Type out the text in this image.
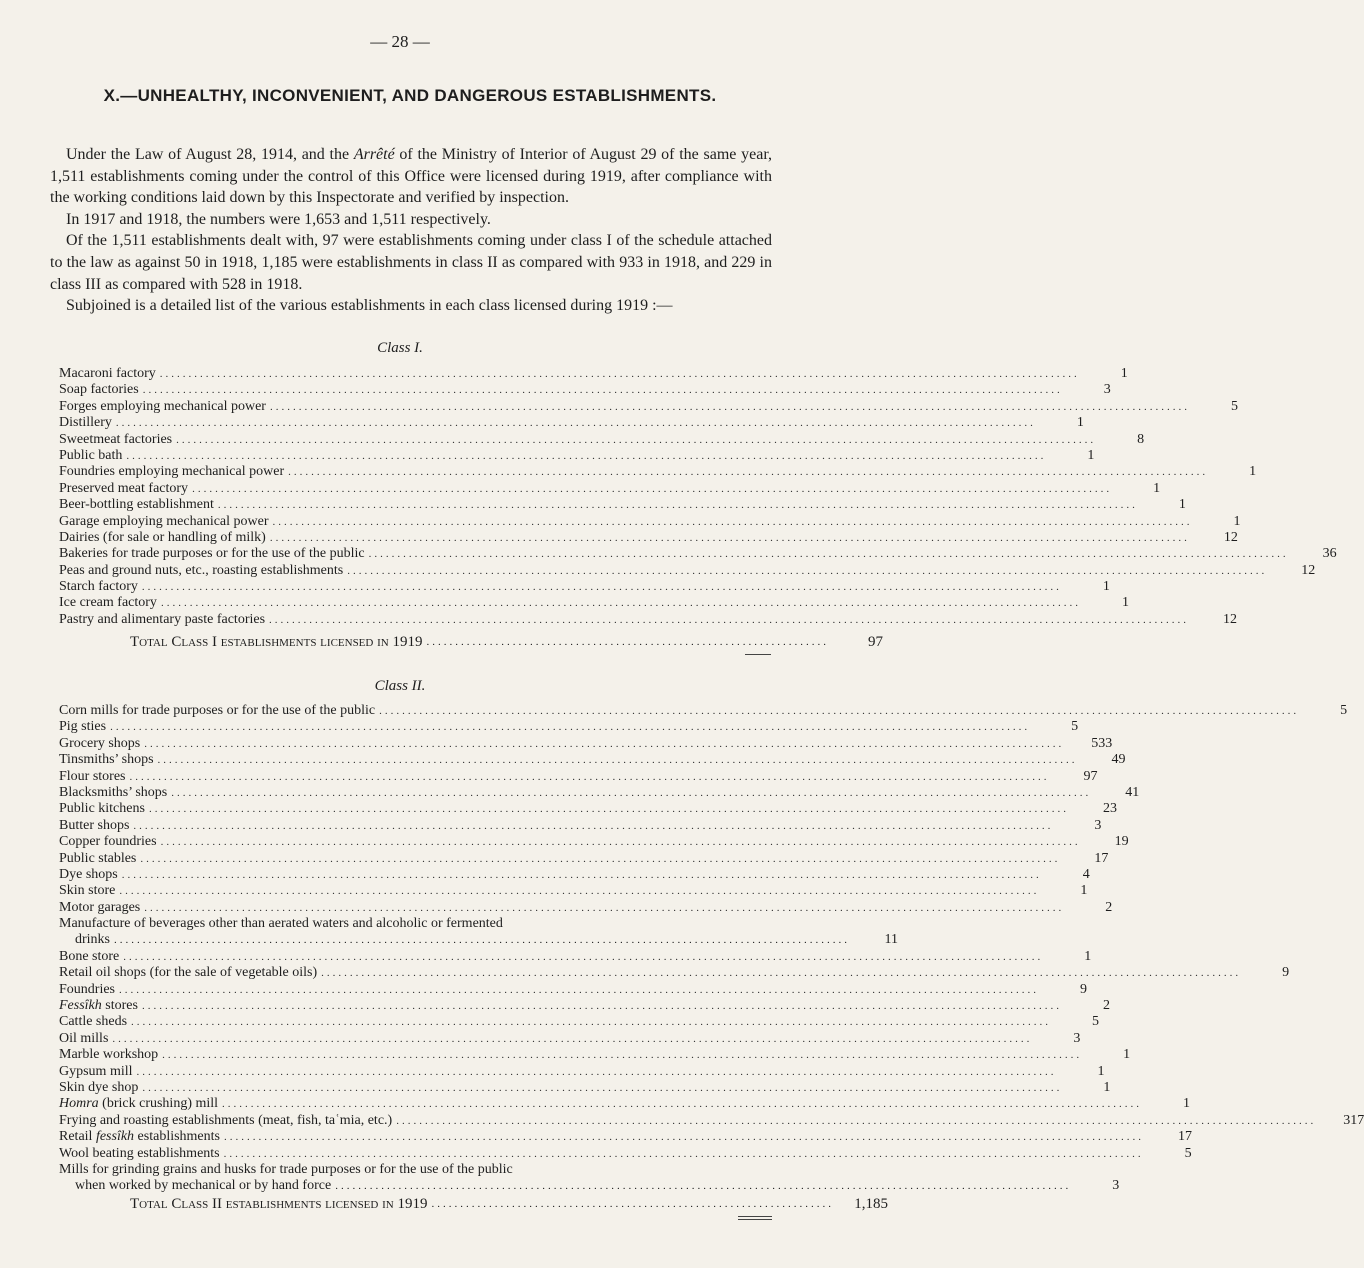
— 28 —
X.—UNHEALTHY, INCONVENIENT, AND DANGEROUS ESTABLISHMENTS.

Under the Law of August 28, 1914, and the Arrêté of the Ministry of Interior of August 29 of the same year, 1,511 establishments coming under the control of this Office were licensed during 1919, after compliance with the working conditions laid down by this Inspectorate and verified by inspection.

In 1917 and 1918, the numbers were 1,653 and 1,511 respectively.

Of the 1,511 establishments dealt with, 97 were establishments coming under class I of the schedule attached to the law as against 50 in 1918, 1,185 were establishments in class II as compared with 933 in 1918, and 229 in class III as compared with 528 in 1918.

Subjoined is a detailed list of the various establishments in each class licensed during 1919 :—

Class I.
Macaroni factory .....	1
Soap factories .....	3
Forges employing mechanical power .....	5
Distillery .....	1
Sweetmeat factories .....	8
Public bath .....	1
Foundries employing mechanical power .....	1
Preserved meat factory .....	1
Beer-bottling establishment .....	1
Garage employing mechanical power .....	1
Dairies (for sale or handling of milk) .....	12
Bakeries for trade purposes or for the use of the public .....	36
Peas and ground nuts, etc., roasting establishments .....	12
Starch factory .....	1
Ice cream factory .....	1
Pastry and alimentary paste factories .....	12
Total Class I establishments licensed in 1919 .....	97
Class II.
Corn mills for trade purposes or for the use of the public .....	5
Pig sties .....	5
Grocery shops .....	533
Tinsmiths’ shops .....	49
Flour stores .....	97
Blacksmiths’ shops .....	41
Public kitchens .....	23
Butter shops .....	3
Copper foundries .....	19
Public stables .....	17
Dye shops .....	4
Skin store .....	1
Motor garages .....	2
Manufacture of beverages other than aerated waters and alcoholic or fermented
drinks ................................................................................................................................	11
Bone store .....	1
Retail oil shops (for the sale of vegetable oils) .....	9
Foundries .....	9
Fessîkh stores .....	2
Cattle sheds .....	5
Oil mills .....	3
Marble workshop .....	1
Gypsum mill .....	1
Skin dye shop .....	1
Homra (brick crushing) mill .....	1
Frying and roasting establishments (meat, fish, taʿmia, etc.) .....	317
Retail fessîkh establishments .....	17
Wool beating establishments .....	5
Mills for grinding grains and husks for trade purposes or for the use of the public
when worked by mechanical or by hand force ................................................................................................................................	3
Total Class II establishments licensed in 1919 .....	1,185
